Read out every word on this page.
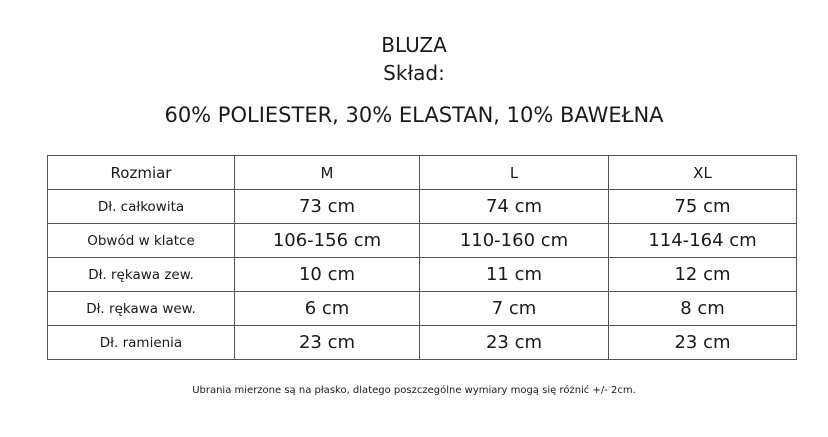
BLUZA
Skład:
60% POLIESTER, 30% ELASTAN, 10% BAWEŁNA
Rozmiar	M	L	XL
Dł. całkowita	73 cm	74 cm	75 cm
Obwód w klatce	106-156 cm	110-160 cm	114-164 cm
Dł. rękawa zew.	10 cm	11 cm	12 cm
Dł. rękawa wew.	6 cm	7 cm	8 cm
Dł. ramienia	23 cm	23 cm	23 cm

Ubrania mierzone są na płasko, dlatego poszczególne wymiary mogą się różnić +/- 2cm.
